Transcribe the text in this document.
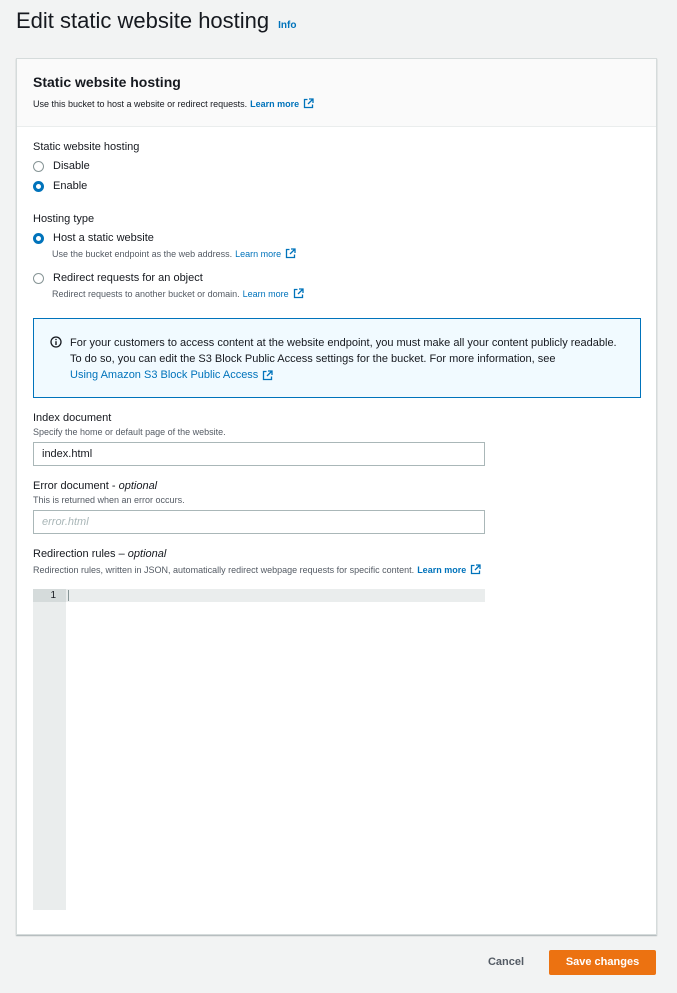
Edit static website hosting Info
Static website hosting
Use this bucket to host a website or redirect requests. Learn more
Static website hosting
Disable
Enable
Hosting type
Host a static website
Use the bucket endpoint as the web address. Learn more
Redirect requests for an object
Redirect requests to another bucket or domain. Learn more
For your customers to access content at the website endpoint, you must make all your content publicly readable. To do so, you can edit the S3 Block Public Access settings for the bucket. For more information, see

Using Amazon S3 Block Public Access
Index document
Specify the home or default page of the website.
index.html
Error document - optional
This is returned when an error occurs.
error.html
Redirection rules – optional
Redirection rules, written in JSON, automatically redirect webpage requests for specific content. Learn more
1
Cancel	Save changes
